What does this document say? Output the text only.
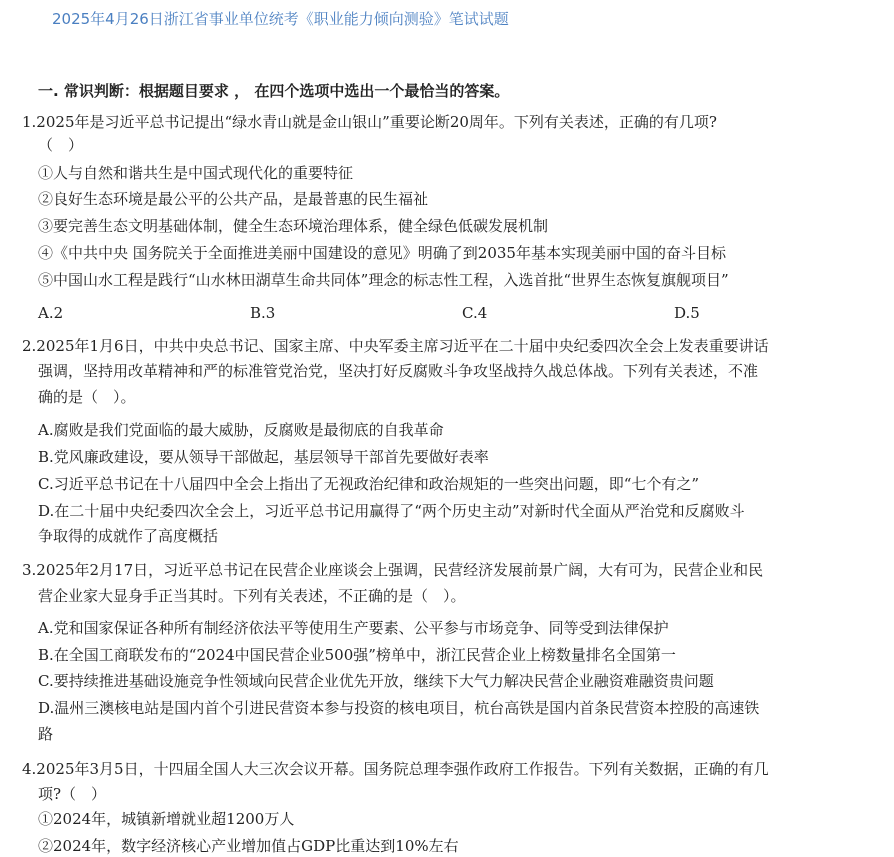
2025年4月26日浙江省事业单位统考《职业能力倾向测验》笔试试题
一. 常识判断：根据题目要求 ， 在四个选项中选出一个最恰当的答案。
1.2025年是习近平总书记提出“绿水青山就是金山银山”重要论断20周年。下列有关表述，正确的有几项?
（　）
①人与自然和谐共生是中国式现代化的重要特征
②良好生态环境是最公平的公共产品，是最普惠的民生福祉
③要完善生态文明基础体制，健全生态环境治理体系，健全绿色低碳发展机制
④《中共中央 国务院关于全面推进美丽中国建设的意见》明确了到2035年基本实现美丽中国的奋斗目标
⑤中国山水工程是践行“山水林田湖草生命共同体”理念的标志性工程，入选首批“世界生态恢复旗舰项目”
A.2	B.3	C.4	D.5
2.2025年1月6日，中共中央总书记、国家主席、中央军委主席习近平在二十届中央纪委四次全会上发表重要讲话
强调，坚持用改革精神和严的标准管党治党，坚决打好反腐败斗争攻坚战持久战总体战。下列有关表述，不准
确的是（　）。
A.腐败是我们党面临的最大威胁，反腐败是最彻底的自我革命
B.党风廉政建设，要从领导干部做起，基层领导干部首先要做好表率
C.习近平总书记在十八届四中全会上指出了无视政治纪律和政治规矩的一些突出问题，即“七个有之”
D.在二十届中央纪委四次全会上，习近平总书记用赢得了“两个历史主动”对新时代全面从严治党和反腐败斗
争取得的成就作了高度概括
3.2025年2月17日，习近平总书记在民营企业座谈会上强调，民营经济发展前景广阔，大有可为，民营企业和民
营企业家大显身手正当其时。下列有关表述，不正确的是（　）。
A.党和国家保证各种所有制经济依法平等使用生产要素、公平参与市场竞争、同等受到法律保护
B.在全国工商联发布的“2024中国民营企业500强”榜单中，浙江民营企业上榜数量排名全国第一
C.要持续推进基础设施竞争性领域向民营企业优先开放，继续下大气力解决民营企业融资难融资贵问题
D.温州三澳核电站是国内首个引进民营资本参与投资的核电项目，杭台高铁是国内首条民营资本控股的高速铁
路
4.2025年3月5日，十四届全国人大三次会议开幕。国务院总理李强作政府工作报告。下列有关数据，正确的有几
项?（　）
①2024年，城镇新增就业超1200万人
②2024年，数字经济核心产业增加值占GDP比重达到10%左右
